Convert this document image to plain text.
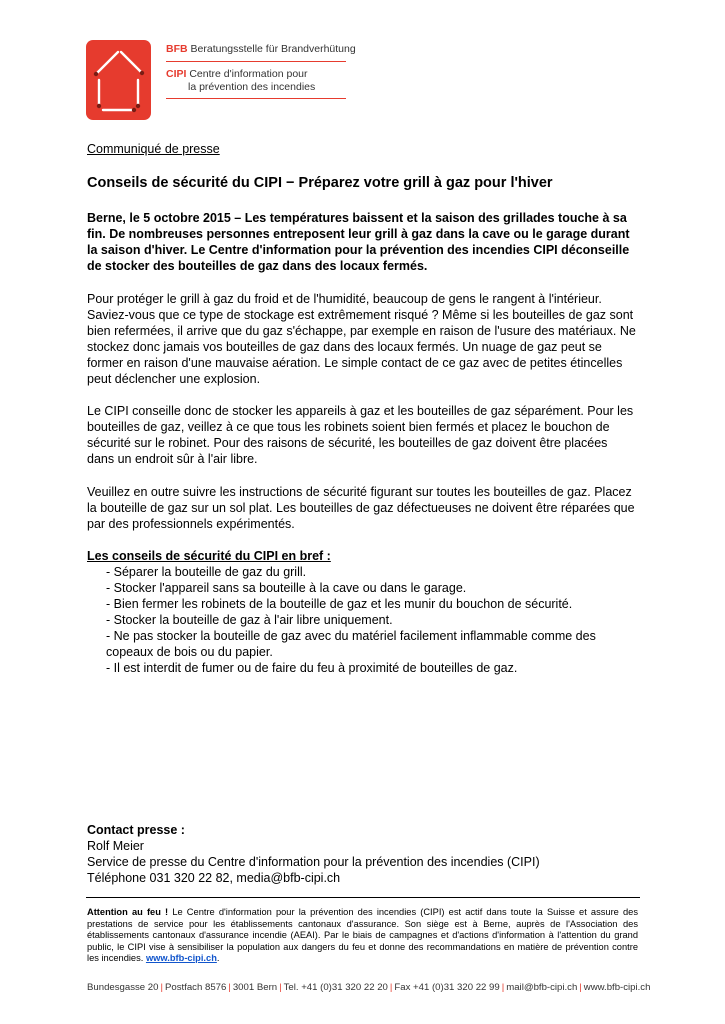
BFB Beratungsstelle für Brandverhütung
CIPI Centre d'information pour
la prévention des incendies
Communiqué de presse
Conseils de sécurité du CIPI − Préparez votre grill à gaz pour l'hiver
Berne, le 5 octobre 2015 – Les températures baissent et la saison des grillades touche à sa fin. De nombreuses personnes entreposent leur grill à gaz dans la cave ou le garage durant la saison d'hiver. Le Centre d'information pour la prévention des incendies CIPI déconseille de stocker des bouteilles de gaz dans des locaux fermés.
Pour protéger le grill à gaz du froid et de l'humidité, beaucoup de gens le rangent à l'intérieur. Saviez-vous que ce type de stockage est extrêmement risqué ? Même si les bouteilles de gaz sont bien refermées, il arrive que du gaz s'échappe, par exemple en raison de l'usure des matériaux. Ne stockez donc jamais vos bouteilles de gaz dans des locaux fermés. Un nuage de gaz peut se former en raison d'une mauvaise aération. Le simple contact de ce gaz avec de petites étincelles peut déclencher une explosion.
Le CIPI conseille donc de stocker les appareils à gaz et les bouteilles de gaz séparément. Pour les bouteilles de gaz, veillez à ce que tous les robinets soient bien fermés et placez le bouchon de sécurité sur le robinet. Pour des raisons de sécurité, les bouteilles de gaz doivent être placées dans un endroit sûr à l'air libre.
Veuillez en outre suivre les instructions de sécurité figurant sur toutes les bouteilles de gaz. Placez la bouteille de gaz sur un sol plat. Les bouteilles de gaz défectueuses ne doivent être réparées que par des professionnels expérimentés.
Les conseils de sécurité du CIPI en bref :
- Séparer la bouteille de gaz du grill.
- Stocker l'appareil sans sa bouteille à la cave ou dans le garage.
- Bien fermer les robinets de la bouteille de gaz et les munir du bouchon de sécurité.
- Stocker la bouteille de gaz à l'air libre uniquement.
- Ne pas stocker la bouteille de gaz avec du matériel facilement inflammable comme des copeaux de bois ou du papier.
- Il est interdit de fumer ou de faire du feu à proximité de bouteilles de gaz.
Contact presse :
Rolf Meier
Service de presse du Centre d'information pour la prévention des incendies (CIPI)
Téléphone 031 320 22 82, media@bfb-cipi.ch
Attention au feu ! Le Centre d'information pour la prévention des incendies (CIPI) est actif dans toute la Suisse et assure des prestations de service pour les établissements cantonaux d'assurance. Son siège est à Berne, auprès de l'Association des établissements cantonaux d'assurance incendie (AEAI). Par le biais de campagnes et d'actions d'information à l'attention du grand public, le CIPI vise à sensibiliser la population aux dangers du feu et donne des recommandations en matière de prévention contre les incendies. www.bfb-cipi.ch.
Bundesgasse 20 | Postfach 8576 | 3001 Bern | Tel. +41 (0)31 320 22 20 | Fax +41 (0)31 320 22 99 | mail@bfb-cipi.ch | www.bfb-cipi.ch
